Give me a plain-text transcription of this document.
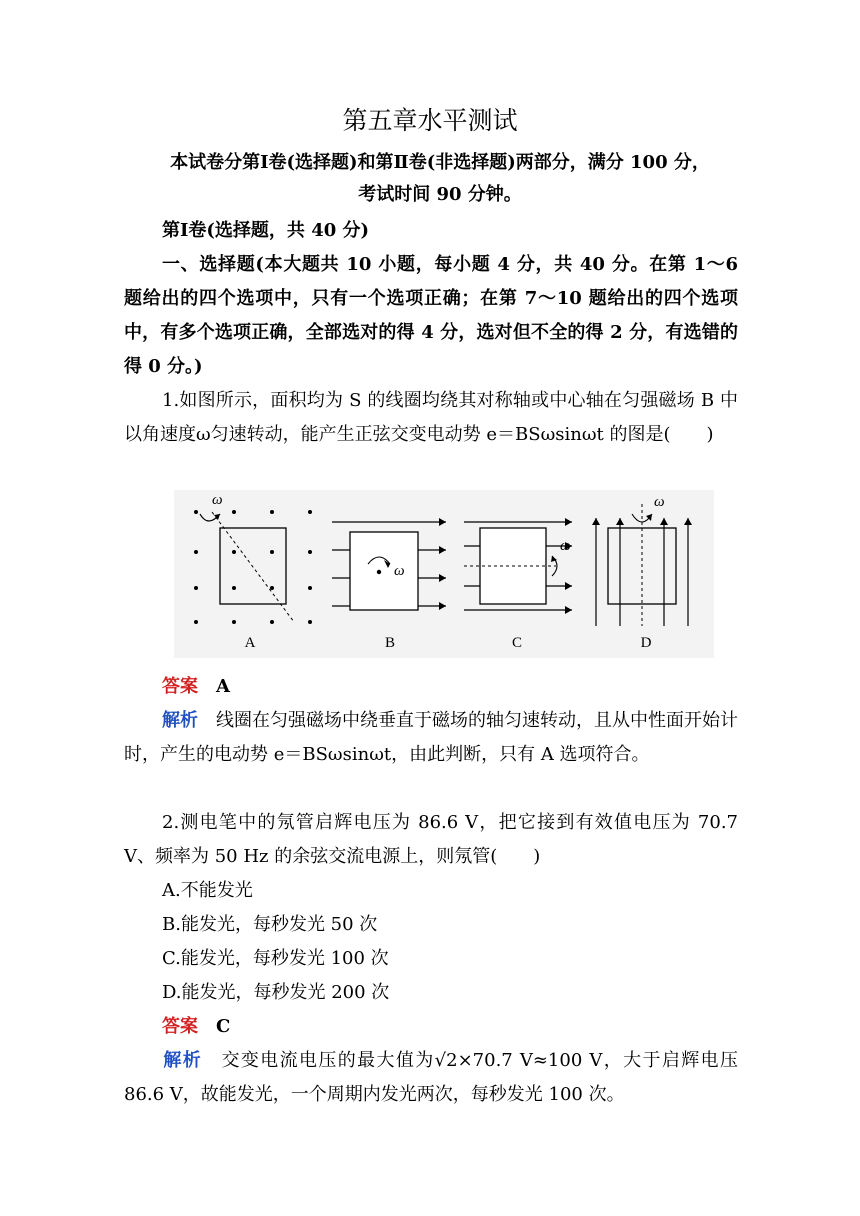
第五章水平测试
本试卷分第Ⅰ卷(选择题)和第Ⅱ卷(非选择题)两部分，满分 100 分，
考试时间 90 分钟。
第Ⅰ卷(选择题，共 40 分)
一、选择题(本大题共 10 小题，每小题 4 分，共 40 分。在第 1～6 题给出的四个选项中，只有一个选项正确；在第 7～10 题给出的四个选项中，有多个选项正确，全部选对的得 4 分，选对但不全的得 2 分，有选错的得 0 分。)
1.如图所示，面积均为 S 的线圈均绕其对称轴或中心轴在匀强磁场 B 中以角速度ω匀速转动，能产生正弦交变电动势 e＝BSωsinωt 的图是(　　)
ω
A
ω
B
ω
C
ω
D
答案 A
解析 线圈在匀强磁场中绕垂直于磁场的轴匀速转动，且从中性面开始计时，产生的电动势 e＝BSωsinωt，由此判断，只有 A 选项符合。
2.测电笔中的氖管启辉电压为 86.6 V，把它接到有效值电压为 70.7 V、频率为 50 Hz 的余弦交流电源上，则氖管(　　)
A.不能发光
B.能发光，每秒发光 50 次
C.能发光，每秒发光 100 次
D.能发光，每秒发光 200 次
答案 C
解析 交变电流电压的最大值为√2×70.7 V≈100 V，大于启辉电压 86.6 V，故能发光，一个周期内发光两次，每秒发光 100 次。
